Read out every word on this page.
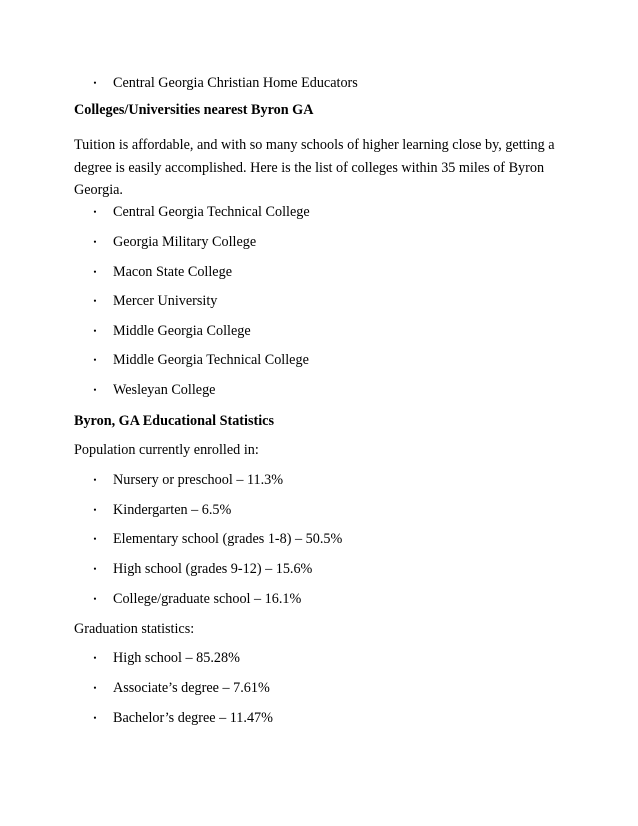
• Central Georgia Christian Home Educators
Colleges/Universities nearest Byron GA

Tuition is affordable, and with so many schools of higher learning close by, getting a degree is easily accomplished. Here is the list of colleges within 35 miles of Byron Georgia.

• Central Georgia Technical College
• Georgia Military College
• Macon State College
• Mercer University
• Middle Georgia College
• Middle Georgia Technical College
• Wesleyan College
Byron, GA Educational Statistics
Population currently enrolled in:
• Nursery or preschool – 11.3%
• Kindergarten – 6.5%
• Elementary school (grades 1-8) – 50.5%
• High school (grades 9-12) – 15.6%
• College/graduate school – 16.1%
Graduation statistics:
• High school – 85.28%
• Associate’s degree – 7.61%
• Bachelor’s degree – 11.47%
